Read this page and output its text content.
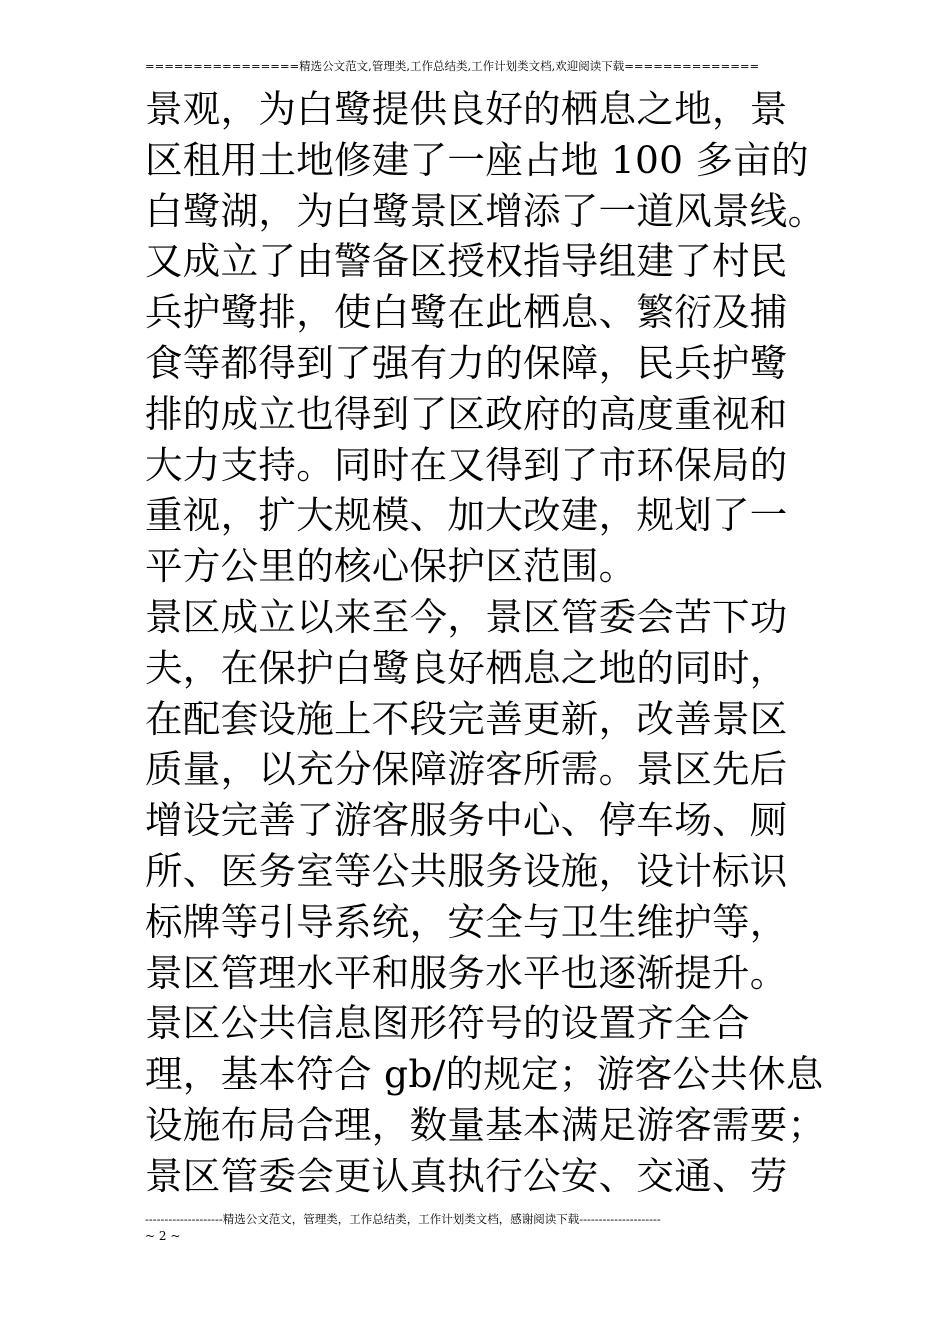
================精选公文范文,管理类,工作总结类,工作计划类文档,欢迎阅读下载==============
景观，为白鹭提供良好的栖息之地，景
区租用土地修建了一座占地 100 多亩的
白鹭湖，为白鹭景区增添了一道风景线。
又成立了由警备区授权指导组建了村民
兵护鹭排，使白鹭在此栖息、繁衍及捕
食等都得到了强有力的保障，民兵护鹭
排的成立也得到了区政府的高度重视和
大力支持。同时在又得到了市环保局的
重视，扩大规模、加大改建，规划了一
平方公里的核心保护区范围。
景区成立以来至今，景区管委会苦下功
夫，在保护白鹭良好栖息之地的同时，
在配套设施上不段完善更新，改善景区
质量，以充分保障游客所需。景区先后
增设完善了游客服务中心、停车场、厕
所、医务室等公共服务设施，设计标识
标牌等引导系统，安全与卫生维护等，
景区管理水平和服务水平也逐渐提升。
景区公共信息图形符号的设置齐全合
理，基本符合 gb/的规定；游客公共休息
设施布局合理，数量基本满足游客需要；
景区管委会更认真执行公安、交通、劳
--------------------精选公文范文，管理类，工作总结类，工作计划类文档，感谢阅读下载---------------------
~ 2 ~
